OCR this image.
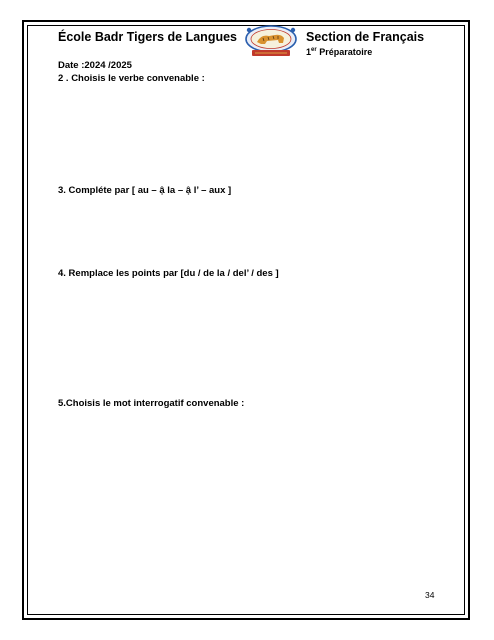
École Badr Tigers de Langues	Section de Français
1er Préparatoire
Date :2024 /2025
2 . Choisis le verbe convenable :
3. Compléte par [ au – ậ la – ậ l’ – aux ]
4. Remplace les points par [du / de la / del’ / des ]
5.Choisis le mot interrogatif convenable :
34
